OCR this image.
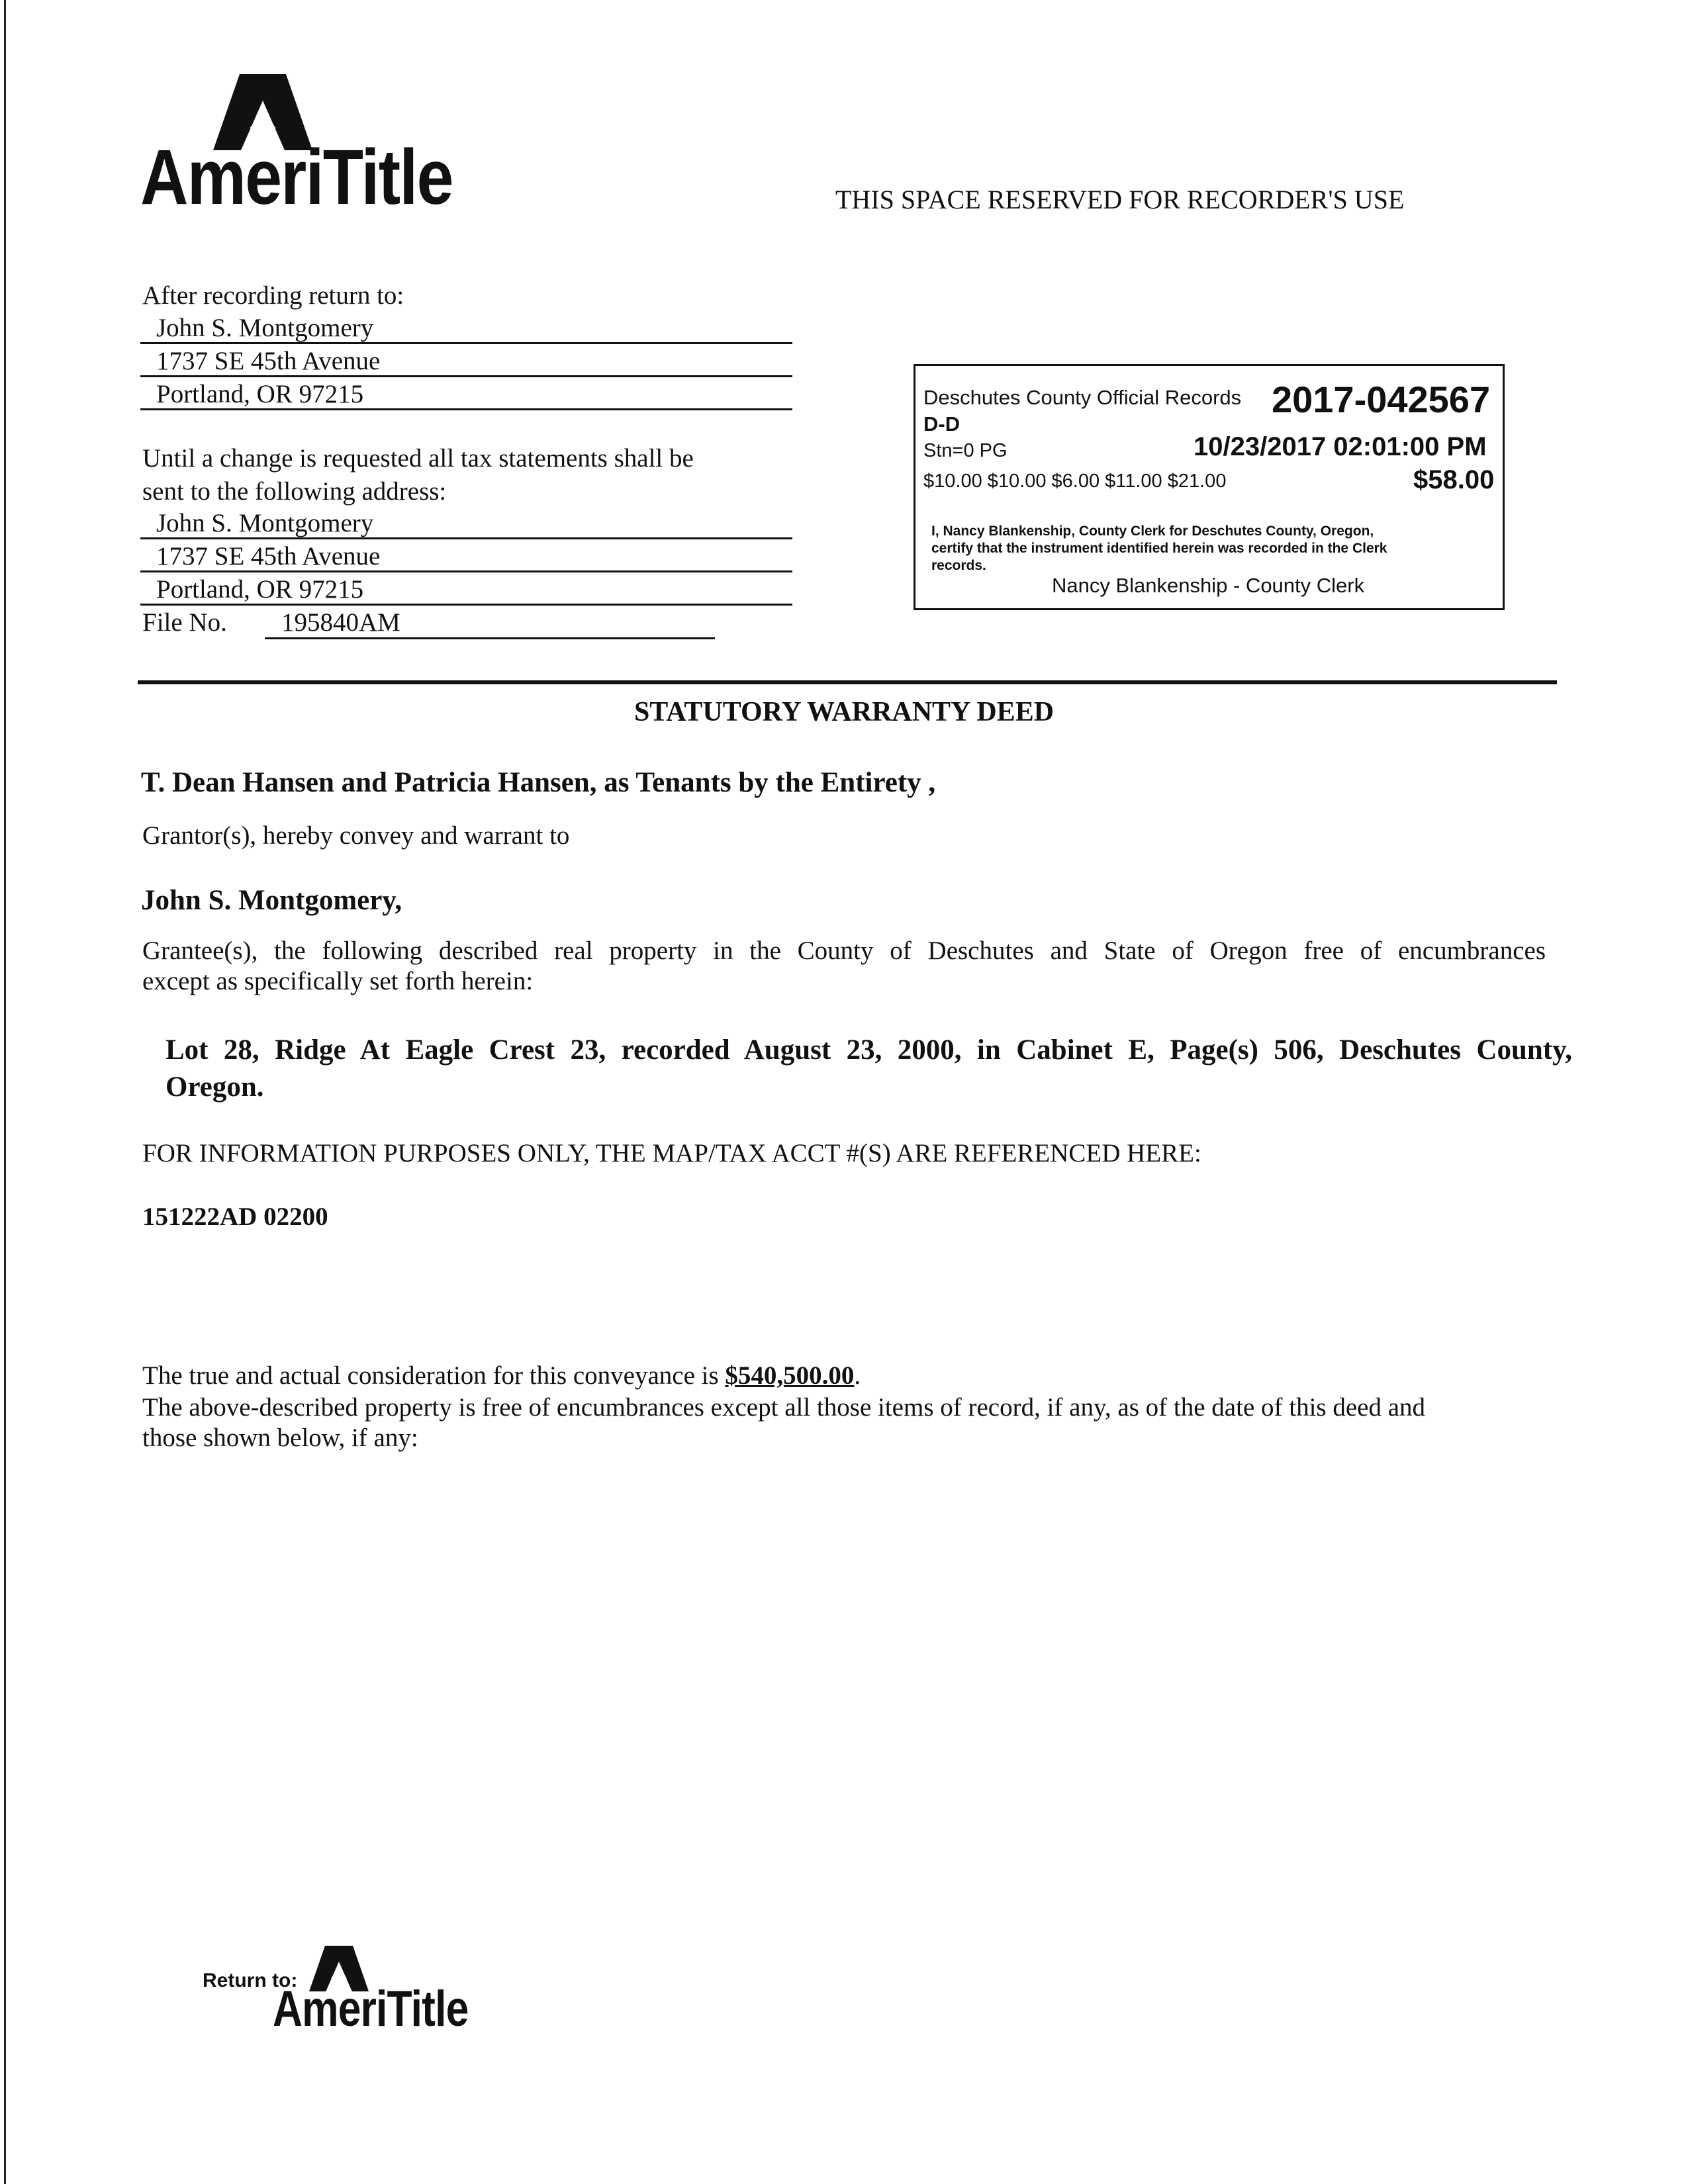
AmeriTitle	THIS SPACE RESERVED FOR RECORDER'S USE
After recording return to:
John S. Montgomery
1737 SE 45th Avenue
Portland, OR 97215
Until a change is requested all tax statements shall be
sent to the following address:
John S. Montgomery
1737 SE 45th Avenue
Portland, OR 97215
File No. 195840AM
Deschutes County Official Records 2017-042567
D-D
Stn=0 PG	10/23/2017 02:01:00 PM
$10.00 $10.00 $6.00 $11.00 $21.00	$58.00
I, Nancy Blankenship, County Clerk for Deschutes County, Oregon,
certify that the instrument identified herein was recorded in the Clerk
records.
Nancy Blankenship - County Clerk
STATUTORY WARRANTY DEED
T. Dean Hansen and Patricia Hansen, as Tenants by the Entirety ,
Grantor(s), hereby convey and warrant to
John S. Montgomery,
Grantee(s), the following described real property in the County of Deschutes and State of Oregon free of encumbrances
except as specifically set forth herein:
Lot 28, Ridge At Eagle Crest 23, recorded August 23, 2000, in Cabinet E, Page(s) 506, Deschutes County,
Oregon.
FOR INFORMATION PURPOSES ONLY, THE MAP/TAX ACCT #(S) ARE REFERENCED HERE:
151222AD 02200
The true and actual consideration for this conveyance is $540,500.00.
The above-described property is free of encumbrances except all those items of record, if any, as of the date of this deed and
those shown below, if any:
Return to:
AmeriTitle
